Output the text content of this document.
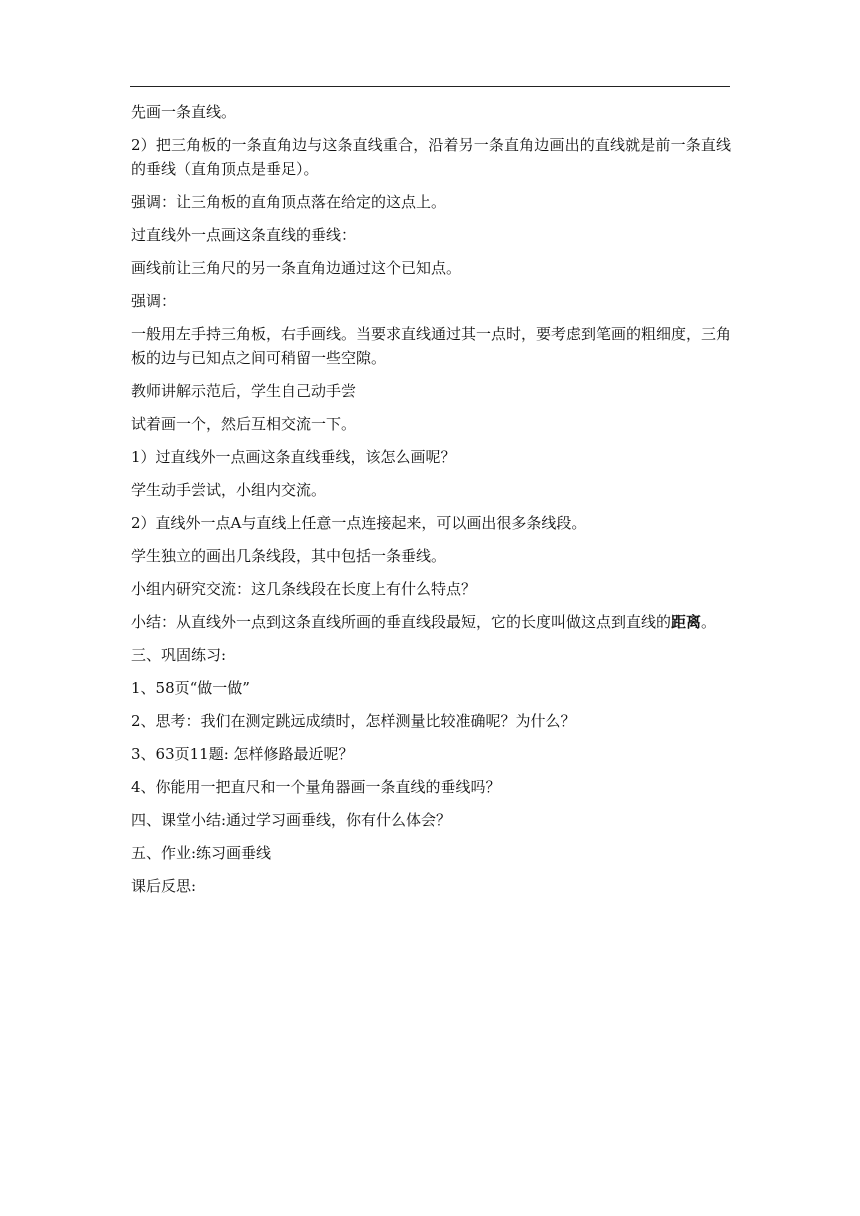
先画一条直线。

2）把三角板的一条直角边与这条直线重合，沿着另一条直角边画出的直线就是前一条直线的垂线（直角顶点是垂足）。

强调：让三角板的直角顶点落在给定的这点上。

过直线外一点画这条直线的垂线：

画线前让三角尺的另一条直角边通过这个已知点。

强调：

一般用左手持三角板，右手画线。当要求直线通过其一点时，要考虑到笔画的粗细度，三角板的边与已知点之间可稍留一些空隙。

教师讲解示范后，学生自己动手尝

试着画一个，然后互相交流一下。

1）过直线外一点画这条直线垂线，该怎么画呢？

学生动手尝试，小组内交流。

2）直线外一点A与直线上任意一点连接起来，可以画出很多条线段。

学生独立的画出几条线段，其中包括一条垂线。

小组内研究交流：这几条线段在长度上有什么特点？

小结：从直线外一点到这条直线所画的垂直线段最短，它的长度叫做这点到直线的距离。

三、巩固练习:

1、58页“做一做”

2、思考：我们在测定跳远成绩时，怎样测量比较准确呢？为什么？

3、63页11题: 怎样修路最近呢？

4、你能用一把直尺和一个量角器画一条直线的垂线吗？

四、课堂小结:通过学习画垂线，你有什么体会？

五、作业:练习画垂线

课后反思:
